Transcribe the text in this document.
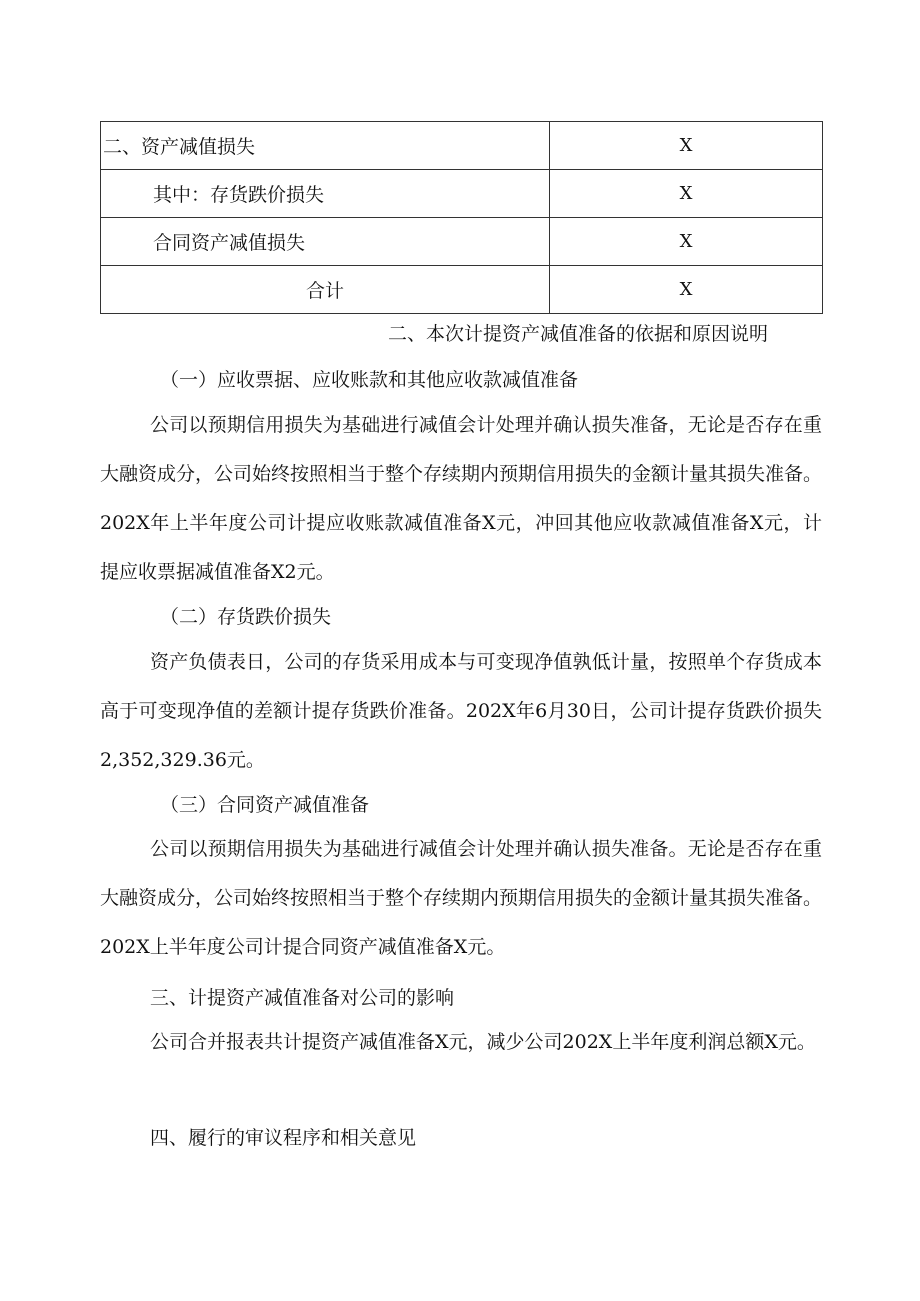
二、资产减值损失	X
其中：存货跌价损失	X
合同资产减值损失	X
合计	X
二、本次计提资产减值准备的依据和原因说明
（一）应收票据、应收账款和其他应收款减值准备
公司以预期信用损失为基础进行减值会计处理并确认损失准备，无论是否存在重大融资成分，公司始终按照相当于整个存续期内预期信用损失的金额计量其损失准备。202X年上半年度公司计提应收账款减值准备X元，冲回其他应收款减值准备X元，计提应收票据减值准备X2元。
（二）存货跌价损失
资产负债表日，公司的存货采用成本与可变现净值孰低计量，按照单个存货成本高于可变现净值的差额计提存货跌价准备。202X年6月30日，公司计提存货跌价损失2,352,329.36元。
（三）合同资产减值准备
公司以预期信用损失为基础进行减值会计处理并确认损失准备。无论是否存在重大融资成分，公司始终按照相当于整个存续期内预期信用损失的金额计量其损失准备。202X上半年度公司计提合同资产减值准备X元。
三、计提资产减值准备对公司的影响
公司合并报表共计提资产减值准备X元，减少公司202X上半年度利润总额X元。
四、履行的审议程序和相关意见
